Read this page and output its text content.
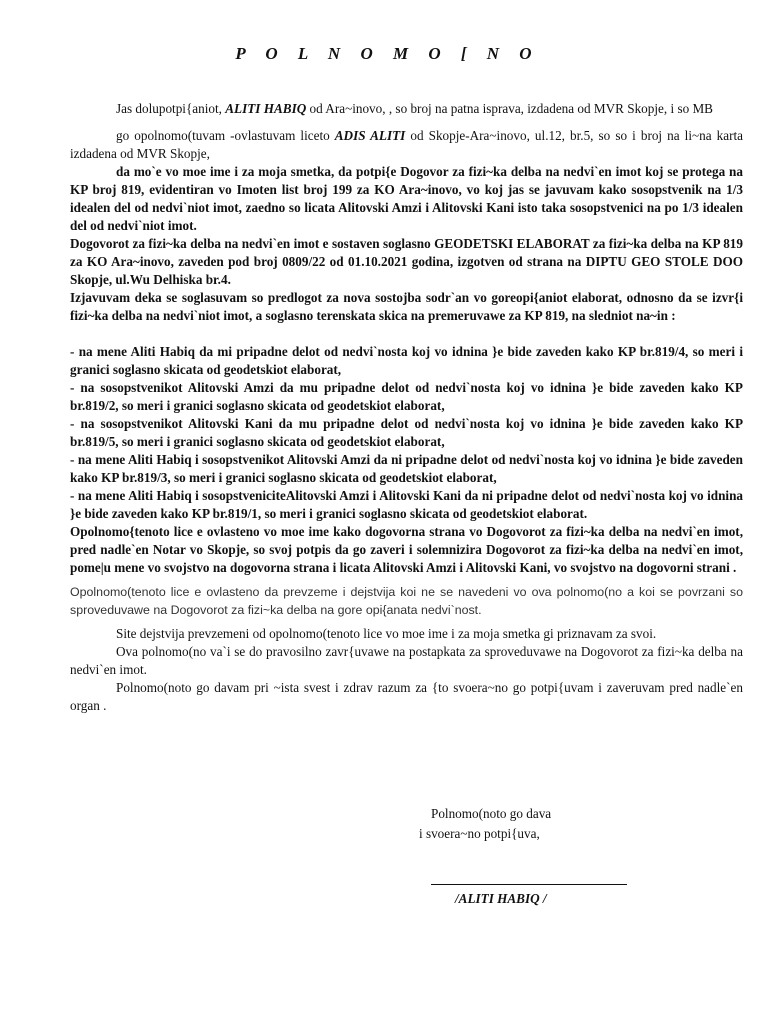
P O L N O M O [ N O

Jas dolupotpi{aniot, ALITI HABIQ od Ara~inovo, , so broj na patna isprava, izdadena od MVR Skopje, i so MB

go opolnomo(tuvam -ovlastuvam liceto ADIS ALITI od Skopje-Ara~inovo, ul.12, br.5, so so i broj na li~na karta izdadena od MVR Skopje,

da mo`e vo moe ime i za moja smetka, da potpi{e Dogovor za fizi~ka delba na nedvi`en imot koj se protega na KP broj 819, evidentiran vo Imoten list broj 199 za KO Ara~inovo, vo koj jas se javuvam kako sosopstvenik na 1/3 idealen del od nedvi`niot imot, zaedno so licata Alitovski Amzi i Alitovski Kani isto taka sosopstvenici na po 1/3 idealen del od nedvi`niot imot.

Dogovorot za fizi~ka delba na nedvi`en imot e sostaven soglasno GEODETSKI ELABORAT za fizi~ka delba na KP 819 za KO Ara~inovo, zaveden pod broj 0809/22 od 01.10.2021 godina, izgotven od strana na DIPTU GEO STOLE DOO Skopje, ul.Wu Delhiska br.4.

Izjavuvam deka se soglasuvam so predlogot za nova sostojba sodr`an vo goreopi{aniot elaborat, odnosno da se izvr{i fizi~ka delba na nedvi`niot imot, a soglasno terenskata skica na premeruvawe za KP 819, na sledniot na~in :

- na mene Aliti Habiq da mi pripadne delot od nedvi`nosta koj vo idnina }e bide zaveden kako KP br.819/4, so meri i granici soglasno skicata od geodetskiot elaborat,

- na sosopstvenikot Alitovski Amzi da mu pripadne delot od nedvi`nosta koj vo idnina }e bide zaveden kako KP br.819/2, so meri i granici soglasno skicata od geodetskiot elaborat,

- na sosopstvenikot Alitovski Kani da mu pripadne delot od nedvi`nosta koj vo idnina }e bide zaveden kako KP br.819/5, so meri i granici soglasno skicata od geodetskiot elaborat,

- na mene Aliti Habiq i sosopstvenikot Alitovski Amzi da ni pripadne delot od nedvi`nosta koj vo idnina }e bide zaveden kako KP br.819/3, so meri i granici soglasno skicata od geodetskiot elaborat,

- na mene Aliti Habiq i sosopstveniciteAlitovski Amzi i Alitovski Kani da ni pripadne delot od nedvi`nosta koj vo idnina }e bide zaveden kako KP br.819/1, so meri i granici soglasno skicata od geodetskiot elaborat.

Opolnomo{tenoto lice e ovlasteno vo moe ime kako dogovorna strana vo Dogovorot za fizi~ka delba na nedvi`en imot, pred nadle`en Notar vo Skopje, so svoj potpis da go zaveri i solemnizira Dogovorot za fizi~ka delba na nedvi`en imot, pome|u mene vo svojstvo na dogovorna strana i licata Alitovski Amzi i Alitovski Kani, vo svojstvo na dogovorni strani .

Opolnomo(tenoto lice e ovlasteno da prevzeme i dejstvija koi ne se navedeni vo ova polnomo(no a koi se povrzani so sproveduvawe na Dogovorot za fizi~ka delba na gore opi{anata nedvi`nost.

Site dejstvija prevzemeni od opolnomo(tenoto lice vo moe ime i za moja smetka gi priznavam za svoi.

Ova polnomo(no va`i se do pravosilno zavr{uvawe na postapkata za sproveduvawe na Dogovorot za fizi~ka delba na nedvi`en imot.

Polnomo(noto go davam pri ~ista svest i zdrav razum za {to svoera~no go potpi{uvam i zaveruvam pred nadle`en organ .

Polnomo(noto go dava
i svoera~no potpi{uva,
/ALITI HABIQ /
